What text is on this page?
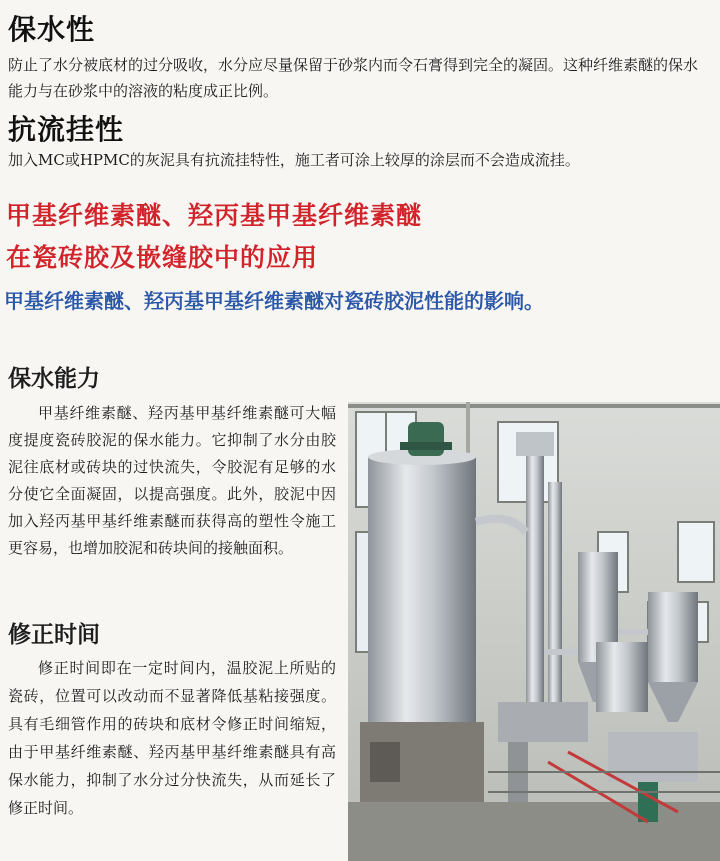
保水性
防止了水分被底材的过分吸收，水分应尽量保留于砂浆内而令石膏得到完全的凝固。这种纤维素醚的保水能力与在砂浆中的溶液的粘度成正比例。
抗流挂性
加入MC或HPMC的灰泥具有抗流挂特性，施工者可涂上较厚的涂层而不会造成流挂。
甲基纤维素醚、羟丙基甲基纤维素醚
在瓷砖胶及嵌缝胶中的应用
甲基纤维素醚、羟丙基甲基纤维素醚对瓷砖胶泥性能的影响。
保水能力
甲基纤维素醚、羟丙基甲基纤维素醚可大幅度提度瓷砖胶泥的保水能力。它抑制了水分由胶泥往底材或砖块的过快流失，令胶泥有足够的水分使它全面凝固，以提高强度。此外，胶泥中因加入羟丙基甲基纤维素醚而获得高的塑性令施工更容易，也增加胶泥和砖块间的接触面积。
修正时间
修正时间即在一定时间内，温胶泥上所贴的瓷砖，位置可以改动而不显著降低基粘接强度。具有毛细管作用的砖块和底材令修正时间缩短，由于甲基纤维素醚、羟丙基甲基纤维素醚具有高保水能力，抑制了水分过分快流失，从而延长了修正时间。
